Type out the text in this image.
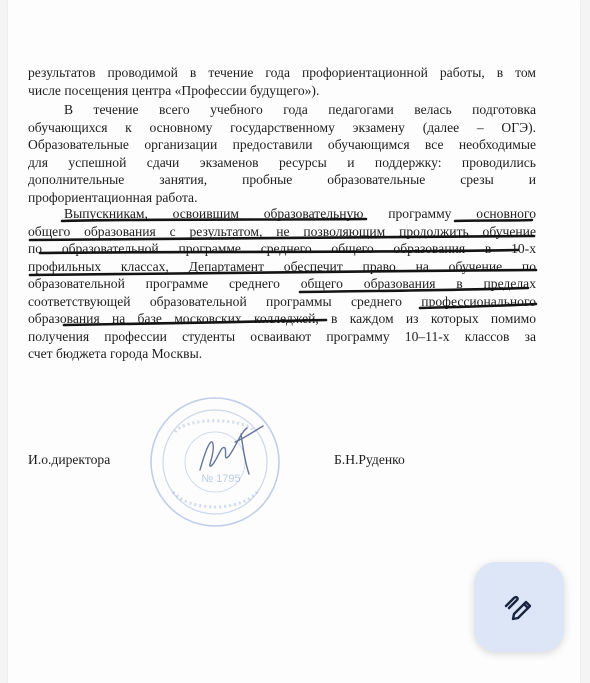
результатов проводимой в течение года профориентационной работы, в том
числе посещения центра «Профессии будущего»).
В течение всего учебного года педагогами велась подготовка
обучающихся к основному государственному экзамену (далее – ОГЭ).
Образовательные организации предоставили обучающимся все необходимые
для успешной сдачи экзаменов ресурсы и поддержку: проводились
дополнительные занятия, пробные образовательные срезы и
профориентационная работа.
Выпускникам, освоившим образовательную программу основного
общего образования с результатом, не позволяющим продолжить обучение
по образовательной программе среднего общего образования в 10-х
профильных классах, Департамент обеспечит право на обучение по
образовательной программе среднего общего образования в пределах
соответствующей образовательной программы среднего профессионального
образования на базе московских колледжей, в каждом из которых помимо
получения профессии студенты осваивают программу 10–11-х классов за
счет бюджета города Москвы.
№ 1795
И.о.директора	Б.Н.Руденко
